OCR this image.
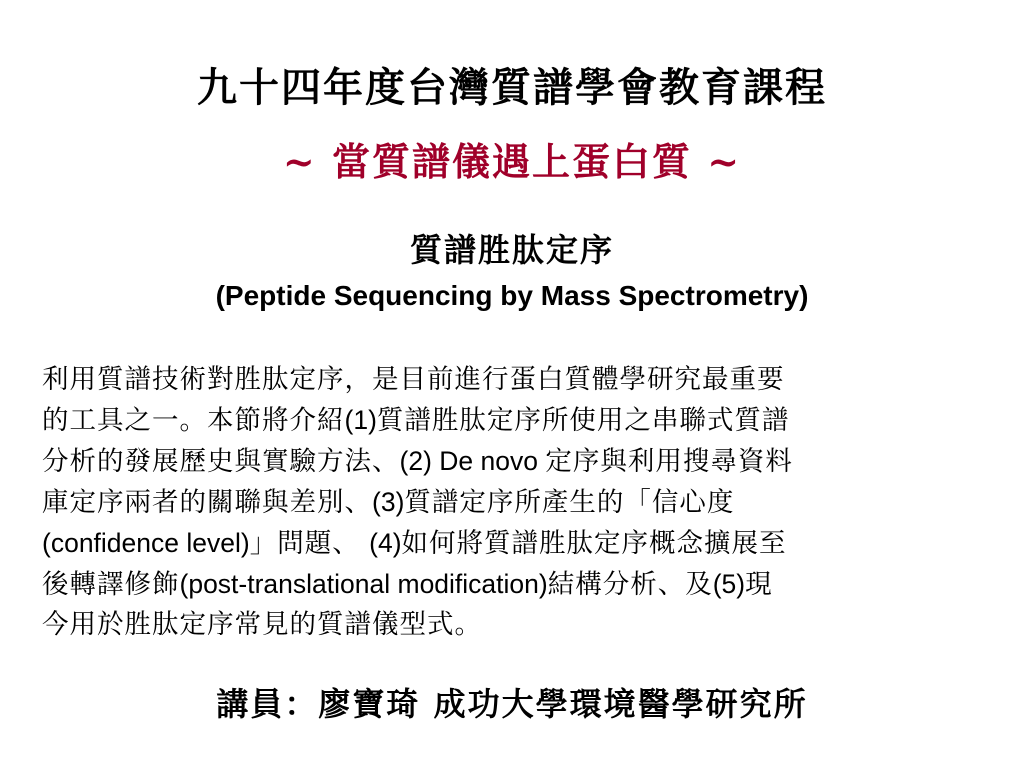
九十四年度台灣質譜學會教育課程
~ 當質譜儀遇上蛋白質 ~
質譜胜肽定序
(Peptide Sequencing by Mass Spectrometry)
利用質譜技術對胜肽定序，是目前進行蛋白質體學研究最重要
的工具之一。本節將介紹(1)質譜胜肽定序所使用之串聯式質譜
分析的發展歷史與實驗方法、(2) De novo 定序與利用搜尋資料
庫定序兩者的關聯與差別、(3)質譜定序所產生的「信心度
(confidence level)」問題、 (4)如何將質譜胜肽定序概念擴展至
後轉譯修飾(post-translational modification)結構分析、及(5)現
今用於胜肽定序常見的質譜儀型式。
講員：廖寶琦 成功大學環境醫學研究所
